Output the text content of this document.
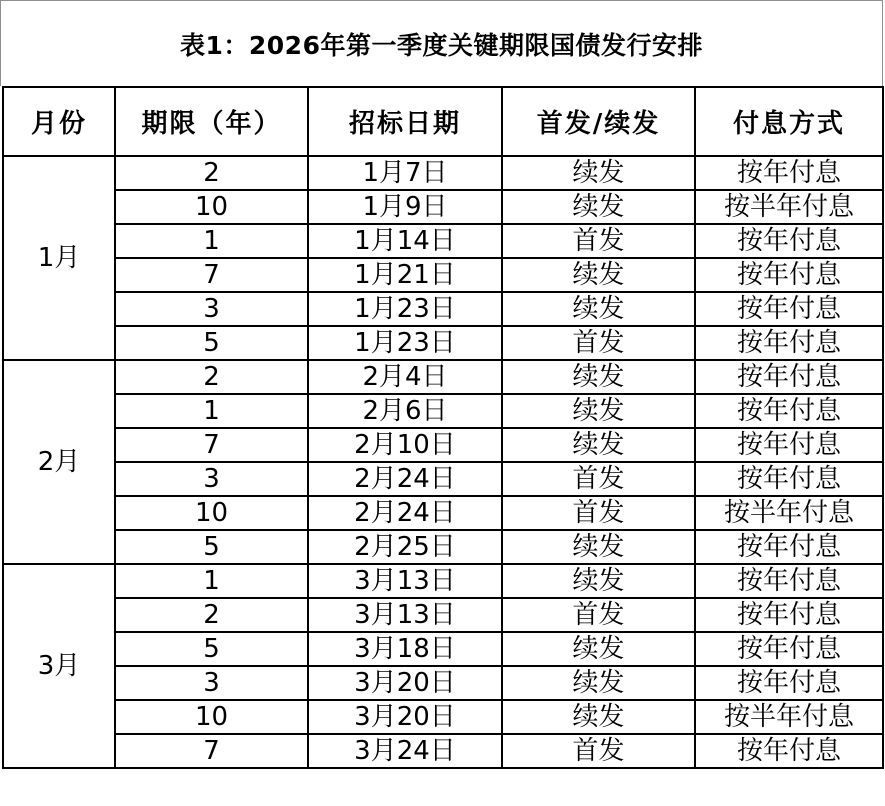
表1：2026年第一季度关键期限国债发行安排
月份	期限（年）	招标日期	首发/续发	付息方式
1月	2	1月7日	续发	按年付息
	10	1月9日	续发	按半年付息
	1	1月14日	首发	按年付息
	7	1月21日	续发	按年付息
	3	1月23日	续发	按年付息
	5	1月23日	首发	按年付息
2月	2	2月4日	续发	按年付息
	1	2月6日	续发	按年付息
	7	2月10日	续发	按年付息
	3	2月24日	首发	按年付息
	10	2月24日	首发	按半年付息
	5	2月25日	续发	按年付息
3月	1	3月13日	续发	按年付息
	2	3月13日	首发	按年付息
	5	3月18日	续发	按年付息
	3	3月20日	续发	按年付息
	10	3月20日	续发	按半年付息
	7	3月24日	首发	按年付息
